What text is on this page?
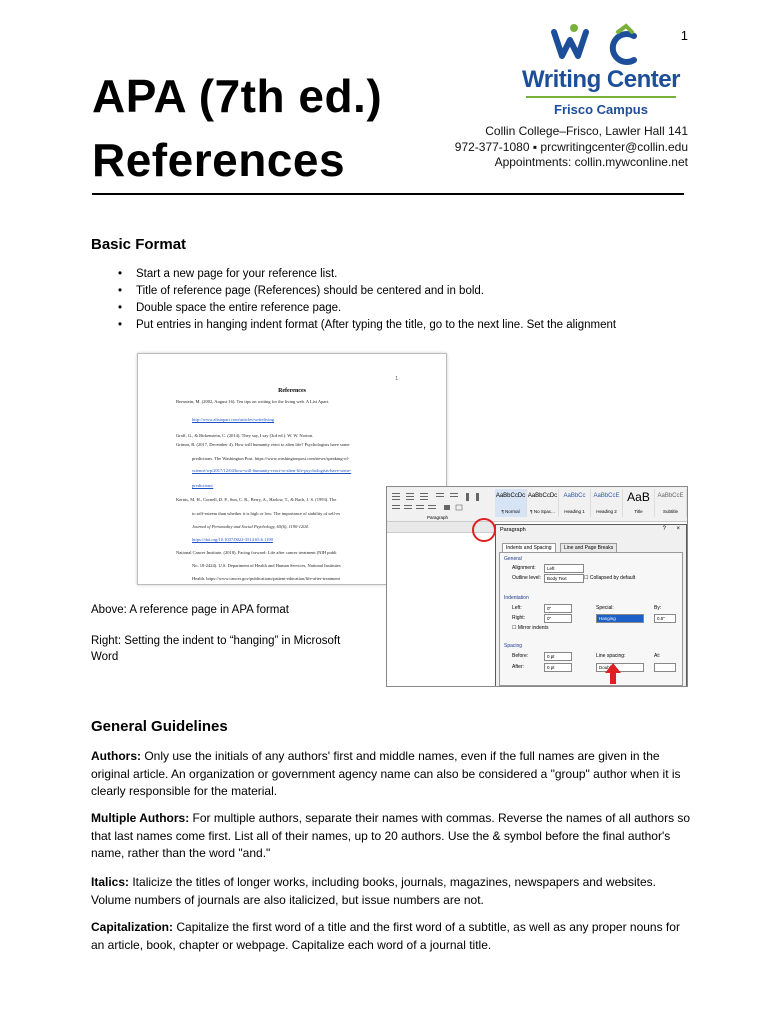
1
APA (7th ed.)
References
Writing Center
Frisco Campus
Collin College–Frisco, Lawler Hall 141
972-377-1080 ▪ prcwritingcenter@collin.edu
Appointments: collin.mywconline.net
Basic Format
• Start a new page for your reference list.
• Title of reference page (References) should be centered and in bold.
• Double space the entire reference page.
• Put entries in hanging indent format (After typing the title, go to the next line. Set the alignment
1
References
Bernstein, M. (2002, August 16). Ten tips on writing for the living web. A List Apart.
http://www.alistapart.com/articles/writeliving
Graff, G., & Birkenstein, C. (2014). They say, I say (3rd ed.). W. W. Norton.
Grimm, B. (2017, December 4). How will humanity react to alien life? Psychologists have some
predictions. The Washington Post. https://www.washingtonpost.com/news/speaking-of-
science/wp/2017/12/04/how-will-humanity-react-to-alien-life-psychologists-have-some-
predictions/
Kernis, M. H., Cornell, D. P., Sun, C. R., Berry, A., Harlow, T., & Bach, J. S. (1993). The
to self-esteem than whether it is high or low: The importance of stability of self-es
Journal of Personality and Social Psychology, 65(6), 1190-1204.
https://doi.org/10.1037/0022-3514.65.6.1190
National Cancer Institute. (2018). Facing forward: Life after cancer treatment (NIH publi
No. 18-2424). U.S. Department of Health and Human Services, National Institutes
Health. https://www.cancer.gov/publications/patient-education/life-after-treatment
Above: A reference page in APA format
Right: Setting the indent to “hanging” in Microsoft Word
AaBbCcDc
¶ Normal
AaBbCcDc
¶ No Spac...
AaBbCc
Heading 1
AaBbCcE
Heading 2
AaB
Title
AaBbCcE
Subtitle
Paragraph
Paragraph	? ×
Indents and Spacing	Line and Page Breaks
General
Alignment:	Left
Outline level:	Body Text	☐ Collapsed by default
Indentation
Left:	0"
Right:	0"
Special:
Hanging
By:
0.5"
☐ Mirror indents
Spacing
Before:	0 pt
After:	0 pt
Line spacing:
Double
At:
General Guidelines
Authors: Only use the initials of any authors' first and middle names, even if the full names are given in the original article. An organization or government agency name can also be considered a "group" author when it is clearly responsible for the material.
Multiple Authors: For multiple authors, separate their names with commas. Reverse the names of all authors so that last names come first. List all of their names, up to 20 authors. Use the & symbol before the final author's name, rather than the word "and."
Italics: Italicize the titles of longer works, including books, journals, magazines, newspapers and websites. Volume numbers of journals are also italicized, but issue numbers are not.
Capitalization: Capitalize the first word of a title and the first word of a subtitle, as well as any proper nouns for an article, book, chapter or webpage. Capitalize each word of a journal title.
